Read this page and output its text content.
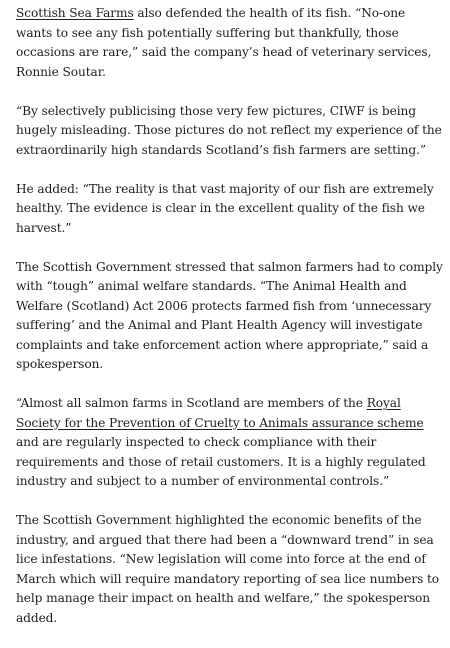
Scottish Sea Farms also defended the health of its fish. “No-one wants to see any fish potentially suffering but thankfully, those occasions are rare,” said the company’s head of veterinary services, Ronnie Soutar.

“By selectively publicising those very few pictures, CIWF is being hugely misleading. Those pictures do not reflect my experience of the extraordinarily high standards Scotland’s fish farmers are setting.”

He added: “The reality is that vast majority of our fish are extremely healthy. The evidence is clear in the excellent quality of the fish we harvest.”

The Scottish Government stressed that salmon farmers had to comply with “tough” animal welfare standards. “The Animal Health and Welfare (Scotland) Act 2006 protects farmed fish from ‘unnecessary suffering’ and the Animal and Plant Health Agency will investigate complaints and take enforcement action where appropriate,” said a spokesperson.

“Almost all salmon farms in Scotland are members of the Royal Society for the Prevention of Cruelty to Animals assurance scheme and are regularly inspected to check compliance with their requirements and those of retail customers. It is a highly regulated industry and subject to a number of environmental controls.”

The Scottish Government highlighted the economic benefits of the industry, and argued that there had been a “downward trend” in sea lice infestations. “New legislation will come into force at the end of March which will require mandatory reporting of sea lice numbers to help manage their impact on health and welfare,” the spokesperson added.
